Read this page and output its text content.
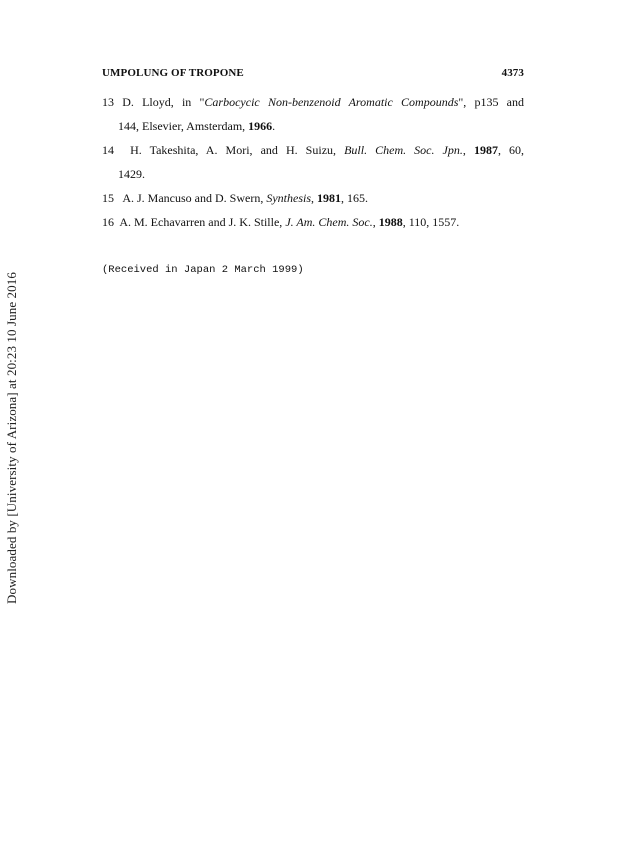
Downloaded by [University of Arizona] at 20:23 10 June 2016
UMPOLUNG OF TROPONE	4373
13 D. Lloyd, in "Carbocycic Non-benzenoid Aromatic Compounds", p135 and
144, Elsevier, Amsterdam, 1966.
14 H. Takeshita, A. Mori, and H. Suizu, Bull. Chem. Soc. Jpn., 1987, 60,
1429.
15 A. J. Mancuso and D. Swern, Synthesis, 1981, 165.
16 A. M. Echavarren and J. K. Stille, J. Am. Chem. Soc., 1988, 110, 1557.
(Received in Japan 2 March 1999)
